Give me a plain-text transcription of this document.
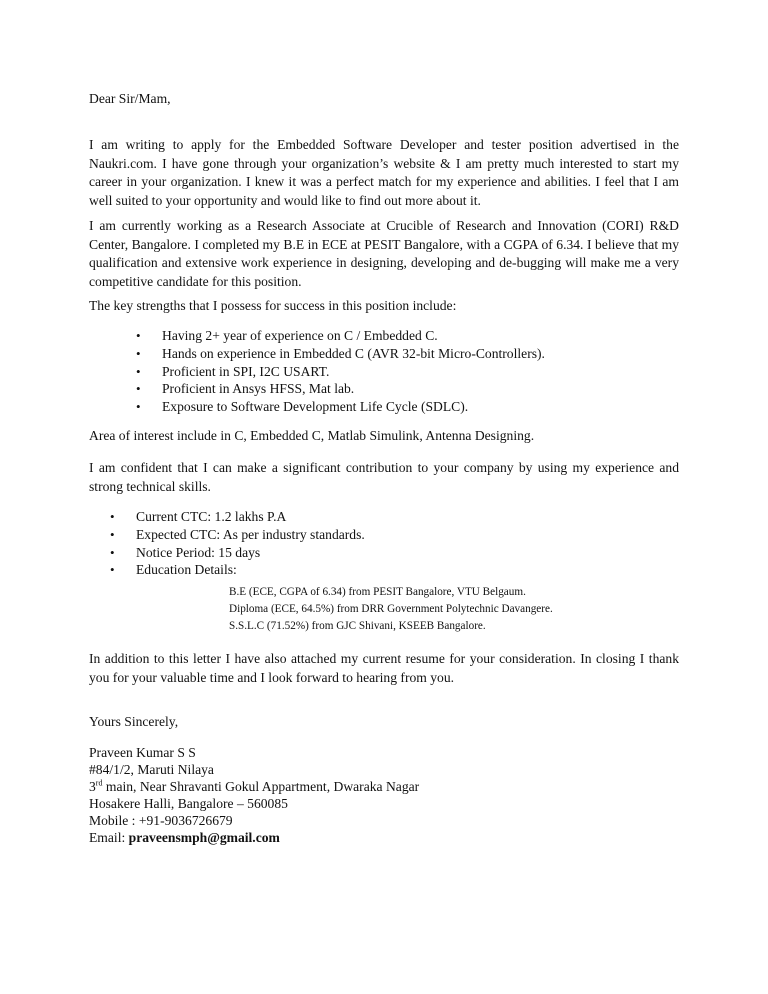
Dear Sir/Mam,

I am writing to apply for the Embedded Software Developer and tester position advertised in the Naukri.com. I have gone through your organization’s website & I am pretty much interested to start my career in your organization. I knew it was a perfect match for my experience and abilities. I feel that I am well suited to your opportunity and would like to find out more about it.

I am currently working as a Research Associate at Crucible of Research and Innovation (CORI) R&D Center, Bangalore. I completed my B.E in ECE at PESIT Bangalore, with a CGPA of 6.34. I believe that my qualification and extensive work experience in designing, developing and de-bugging will make me a very competitive candidate for this position.

The key strengths that I possess for success in this position include:

• Having 2+ year of experience on C / Embedded C.
• Hands on experience in Embedded C (AVR 32-bit Micro-Controllers).
• Proficient in SPI, I2C USART.
• Proficient in Ansys HFSS, Mat lab.
• Exposure to Software Development Life Cycle (SDLC).

Area of interest include in C, Embedded C, Matlab Simulink, Antenna Designing.

I am confident that I can make a significant contribution to your company by using my experience and strong technical skills.

• Current CTC: 1.2 lakhs P.A
• Expected CTC: As per industry standards.
• Notice Period: 15 days
• Education Details:
B.E (ECE, CGPA of 6.34) from PESIT Bangalore, VTU Belgaum.
Diploma (ECE, 64.5%) from DRR Government Polytechnic Davangere.
S.S.L.C (71.52%) from GJC Shivani, KSEEB Bangalore.

In addition to this letter I have also attached my current resume for your consideration. In closing I thank you for your valuable time and I look forward to hearing from you.

Yours Sincerely,

Praveen Kumar S S
#84/1/2, Maruti Nilaya
3rd main, Near Shravanti Gokul Appartment, Dwaraka Nagar
Hosakere Halli, Bangalore – 560085
Mobile : +91-9036726679
Email: praveensmph@gmail.com
